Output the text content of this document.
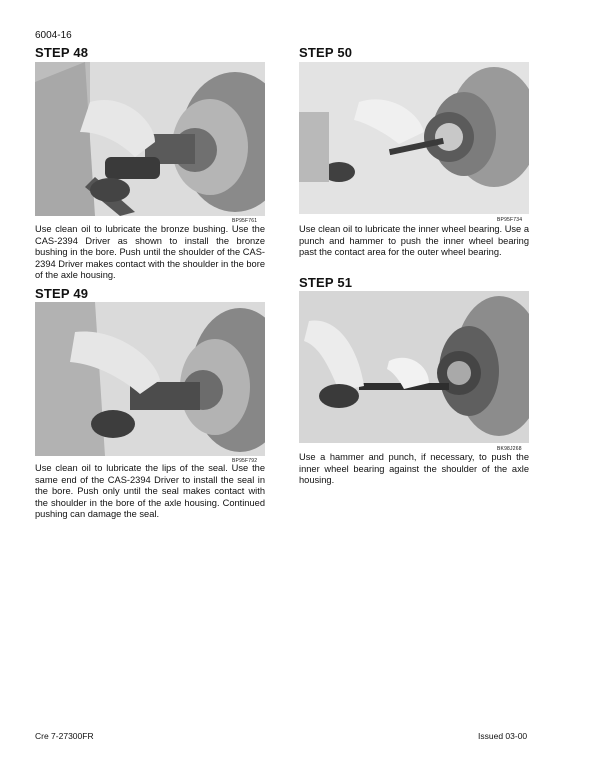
6004-16
STEP 48
BP95F761
Use clean oil to lubricate the bronze bushing. Use the CAS-2394 Driver as shown to install the bronze bushing in the bore. Push until the shoulder of the CAS-2394 Driver makes contact with the shoulder in the bore of the axle housing.
STEP 49
BP95F792
Use clean oil to lubricate the lips of the seal. Use the same end of the CAS-2394 Driver to install the seal in the bore. Push only until the seal makes contact with the shoulder in the bore of the axle housing. Continued pushing can damage the seal.
STEP 50
BP95F734
Use clean oil to lubricate the inner wheel bearing. Use a punch and hammer to push the inner wheel bearing past the contact area for the outer wheel bearing.
STEP 51
BK98J268
Use a hammer and punch, if necessary, to push the inner wheel bearing against the shoulder of the axle housing.
Cre 7-27300FR	Issued 03-00
